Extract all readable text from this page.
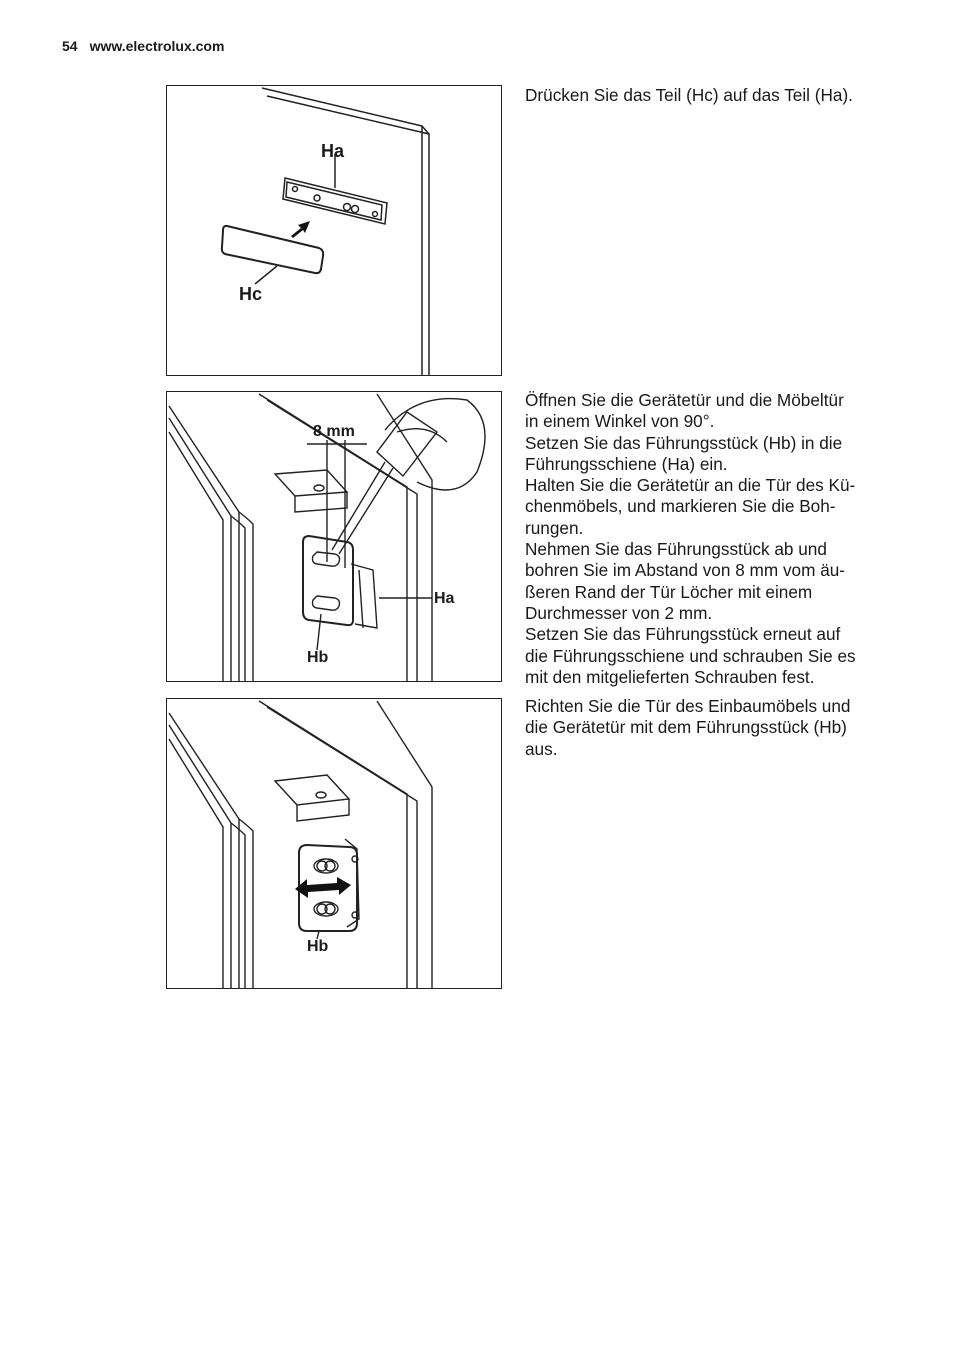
54 www.electrolux.com
Ha
Hc
8 mm
Ha
Hb
Hb

Drücken Sie das Teil (Hc) auf das Teil (Ha).

Öffnen Sie die Gerätetür und die Möbeltür

in einem Winkel von 90°.

Setzen Sie das Führungsstück (Hb) in die

Führungsschiene (Ha) ein.

Halten Sie die Gerätetür an die Tür des Kü-

chenmöbels, und markieren Sie die Boh-

rungen.

Nehmen Sie das Führungsstück ab und

bohren Sie im Abstand von 8 mm vom äu-

ßeren Rand der Tür Löcher mit einem

Durchmesser von 2 mm.

Setzen Sie das Führungsstück erneut auf

die Führungsschiene und schrauben Sie es

mit den mitgelieferten Schrauben fest.

Richten Sie die Tür des Einbaumöbels und

die Gerätetür mit dem Führungsstück (Hb)

aus.
